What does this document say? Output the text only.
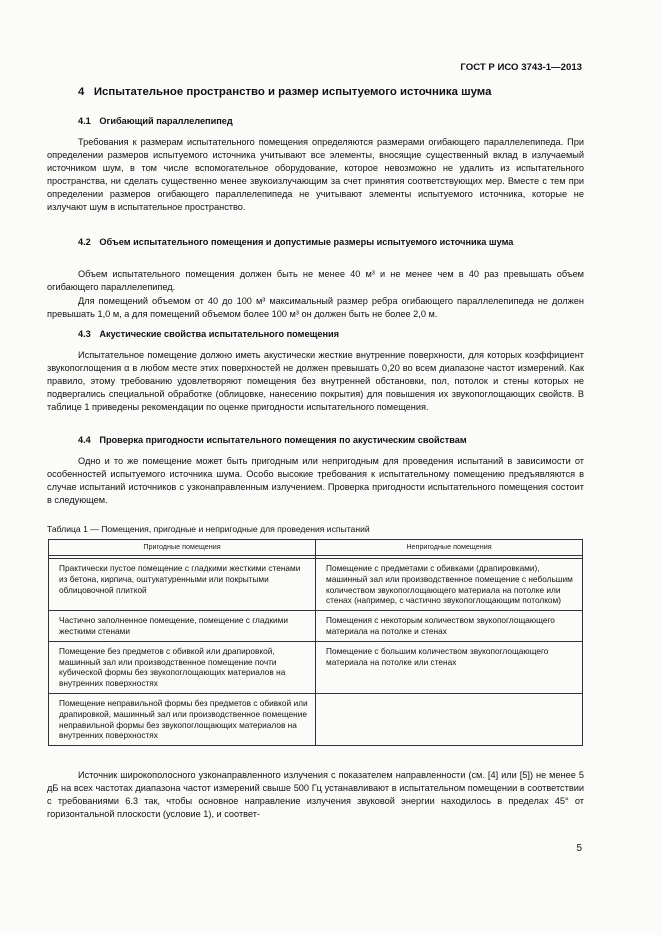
ГОСТ Р ИСО 3743-1—2013
4 Испытательное пространство и размер испытуемого источника шума
4.1 Огибающий параллелепипед
Требования к размерам испытательного помещения определяются размерами огибающего параллелепипеда. При определении размеров испытуемого источника учитывают все элементы, вносящие существенный вклад в излучаемый источником шум, в том числе вспомогательное оборудование, которое невозможно не удалить из испытательного пространства, ни сделать существенно менее звукоизлучающим за счет принятия соответствующих мер. Вместе с тем при определении размеров огибающего параллелепипеда не учитывают элементы испытуемого источника, которые не излучают шум в испытательное пространство.
4.2 Объем испытательного помещения и допустимые размеры испытуемого источника шума
Объем испытательного помещения должен быть не менее 40 м³ и не менее чем в 40 раз превышать объем огибающего параллелепипед.
Для помещений объемом от 40 до 100 м³ максимальный размер ребра огибающего параллелепипеда не должен превышать 1,0 м, а для помещений объемом более 100 м³ он должен быть не более 2,0 м.
4.3 Акустические свойства испытательного помещения
Испытательное помещение должно иметь акустически жесткие внутренние поверхности, для которых коэффициент звукопоглощения α в любом месте этих поверхностей не должен превышать 0,20 во всем диапазоне частот измерений. Как правило, этому требованию удовлетворяют помещения без внутренней обстановки, пол, потолок и стены которых не подвергались специальной обработке (облицовке, нанесению покрытия) для повышения их звукопоглощающих свойств. В таблице 1 приведены рекомендации по оценке пригодности испытательного помещения.
4.4 Проверка пригодности испытательного помещения по акустическим свойствам
Одно и то же помещение может быть пригодным или непригодным для проведения испытаний в зависимости от особенностей испытуемого источника шума. Особо высокие требования к испытательному помещению предъявляются в случае испытаний источников с узконаправленным излучением. Проверка пригодности испытательного помещения состоит в следующем.
Таблица 1 — Помещения, пригодные и непригодные для проведения испытаний
Пригодные помещения	Непригодные помещения

Практически пустое помещение с гладкими жесткими стенами из бетона, кирпича, оштукатуренными или покрытыми облицовочной плиткой	Помещение с предметами с обивками (драпировками), машинный зал или производственное помещение с небольшим количеством звукопоглощающего материала на потолке или стенах (например, с частично звукопоглощающим потолком)
Частично заполненное помещение, помещение с гладкими жесткими стенами	Помещения с некоторым количеством звукопоглощающего материала на потолке и стенах
Помещение без предметов с обивкой или драпировкой, машинный зал или производственное помещение почти кубической формы без звукопоглощающих материалов на внутренних поверхностях	Помещение с большим количеством звукопоглощающего материала на потолке или стенах
Помещение неправильной формы без предметов с обивкой или драпировкой, машинный зал или производственное помещение неправильной формы без звукопоглощающих материалов на внутренних поверхностях	
Источник широкополосного узконаправленного излучения с показателем направленности (см. [4] или [5]) не менее 5 дБ на всех частотах диапазона частот измерений свыше 500 Гц устанавливают в испытательном помещении в соответствии с требованиями 6.3 так, чтобы основное направление излучения звуковой энергии находилось в пределах 45° от горизонтальной плоскости (условие 1), и соответ-
5
